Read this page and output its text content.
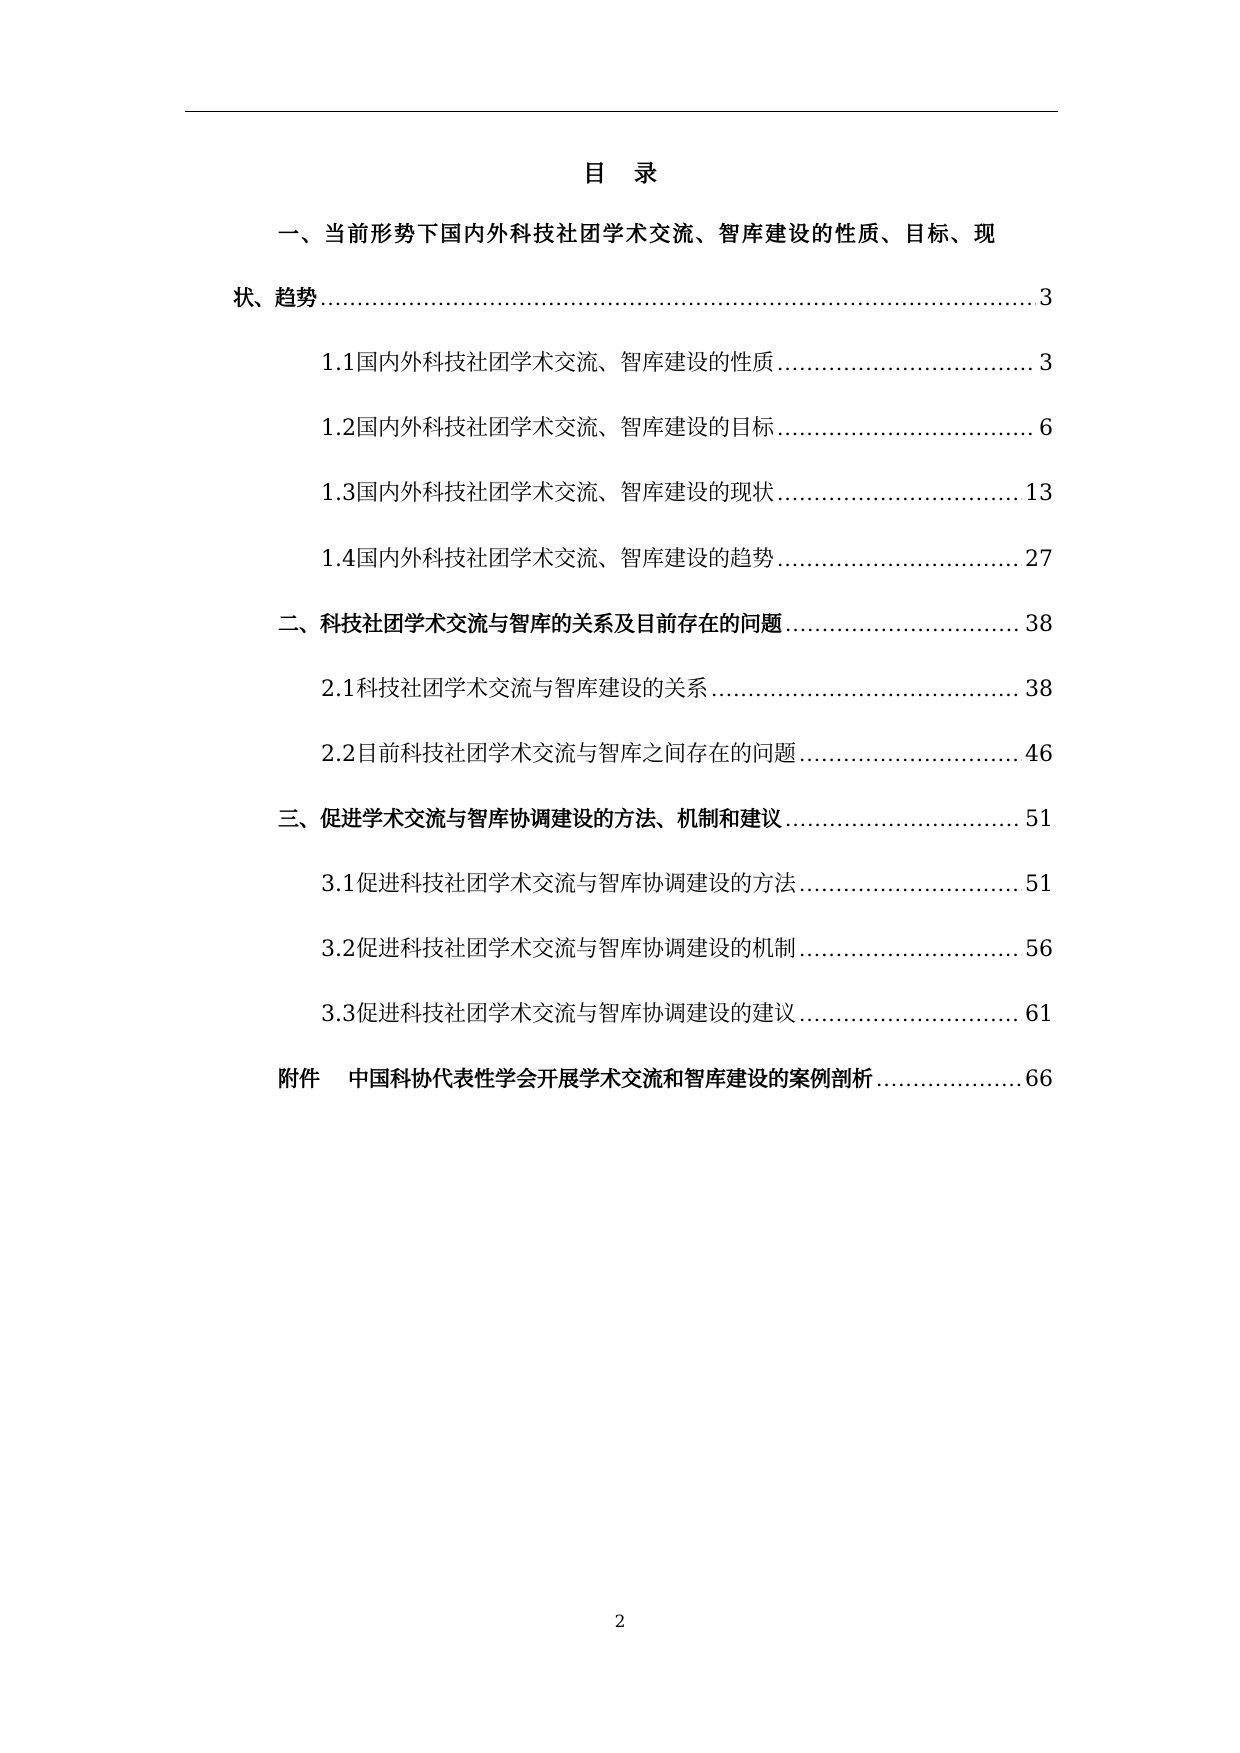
目 录
一、当前形势下国内外科技社团学术交流、智库建设的性质、目标、现
状、趋势 .....	3
1.1国内外科技社团学术交流、智库建设的性质 .....	3
1.2国内外科技社团学术交流、智库建设的目标 .....	6
1.3国内外科技社团学术交流、智库建设的现状 .....	13
1.4国内外科技社团学术交流、智库建设的趋势 .....	27
二、科技社团学术交流与智库的关系及目前存在的问题 .....	38
2.1科技社团学术交流与智库建设的关系 .....	38
2.2目前科技社团学术交流与智库之间存在的问题 .....	46
三、促进学术交流与智库协调建设的方法、机制和建议 .....	51
3.1促进科技社团学术交流与智库协调建设的方法 .....	51
3.2促进科技社团学术交流与智库协调建设的机制 .....	56
3.3促进科技社团学术交流与智库协调建设的建议 .....	61
附件 中国科协代表性学会开展学术交流和智库建设的案例剖析 .....	66
2
